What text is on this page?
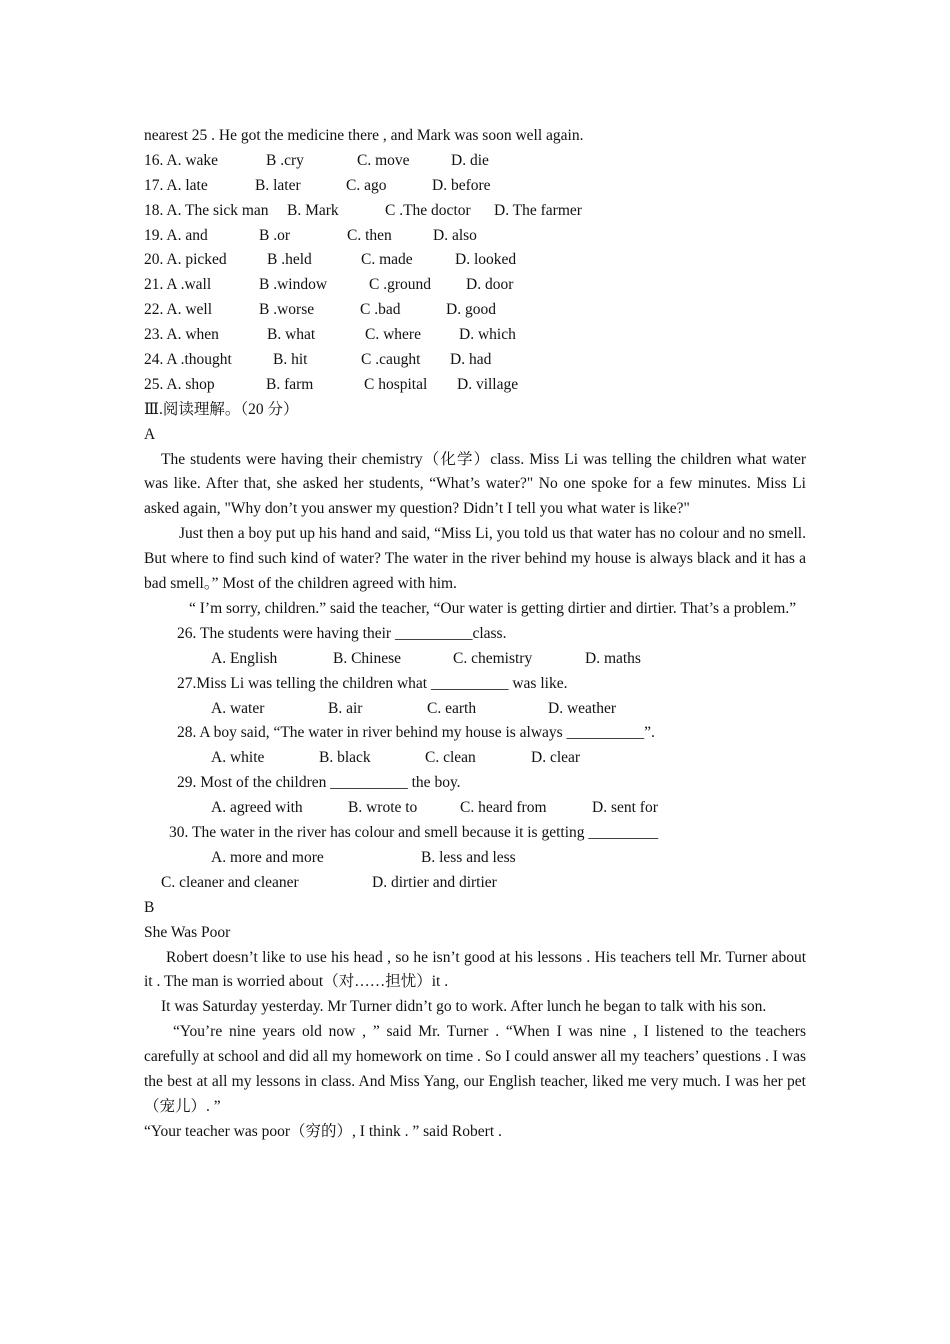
nearest 25 . He got the medicine there , and Mark was soon well again.
16. A. wake	B .cry	C. move	D. die
17. A. late	B. later	C. ago	D. before
18. A. The sick man B. Mark	C .The doctor D. The farmer
19. A. and	B .or	C. then	D. also
20. A. picked	B .held	C. made	D. looked
21. A .wall	B .window	C .ground D. door
22. A. well	B .worse	C .bad	D. good
23. A. when	B. what	C. where D. which
24. A .thought	B. hit	C .caught D. had
25. A. shop	B. farm	C hospital D. village
Ⅲ.阅读理解。（20 分）
A

The students were having their chemistry（化学）class. Miss Li was telling the children what water was like. After that, she asked her students, “What’s water?" No one spoke for a few minutes. Miss Li asked again, "Why don’t you answer my question? Didn’t I tell you what water is like?"

Just then a boy put up his hand and said, “Miss Li, you told us that water has no colour and no smell. But where to find such kind of water? The water in the river behind my house is always black and it has a bad smell。” Most of the children agreed with him.

“ I’m sorry, children.” said the teacher, “Our water is getting dirtier and dirtier. That’s a problem.”

26. The students were having their __________class.
A. English	B. Chinese	C. chemistry	D. maths
27.Miss Li was telling the children what __________ was like.
A. water	B. air	C. earth	D. weather
28. A boy said, “The water in river behind my house is always __________”.
A. white	B. black	C. clean	D. clear
29. Most of the children __________ the boy.
A. agreed with	B. wrote to	C. heard from	D. sent for
30. The water in the river has colour and smell because it is getting _________
A. more and more	B. less and less
C. cleaner and cleaner	D. dirtier and dirtier
B
She Was Poor

Robert doesn’t like to use his head , so he isn’t good at his lessons . His teachers tell Mr. Turner about it . The man is worried about（对……担忧）it .

It was Saturday yesterday. Mr Turner didn’t go to work. After lunch he began to talk with his son.

“You’re nine years old now , ” said Mr. Turner . “When I was nine , I listened to the teachers carefully at school and did all my homework on time . So I could answer all my teachers’ questions . I was the best at all my lessons in class. And Miss Yang, our English teacher, liked me very much. I was her pet（宠儿）. ”

“Your teacher was poor（穷的）, I think . ” said Robert .
